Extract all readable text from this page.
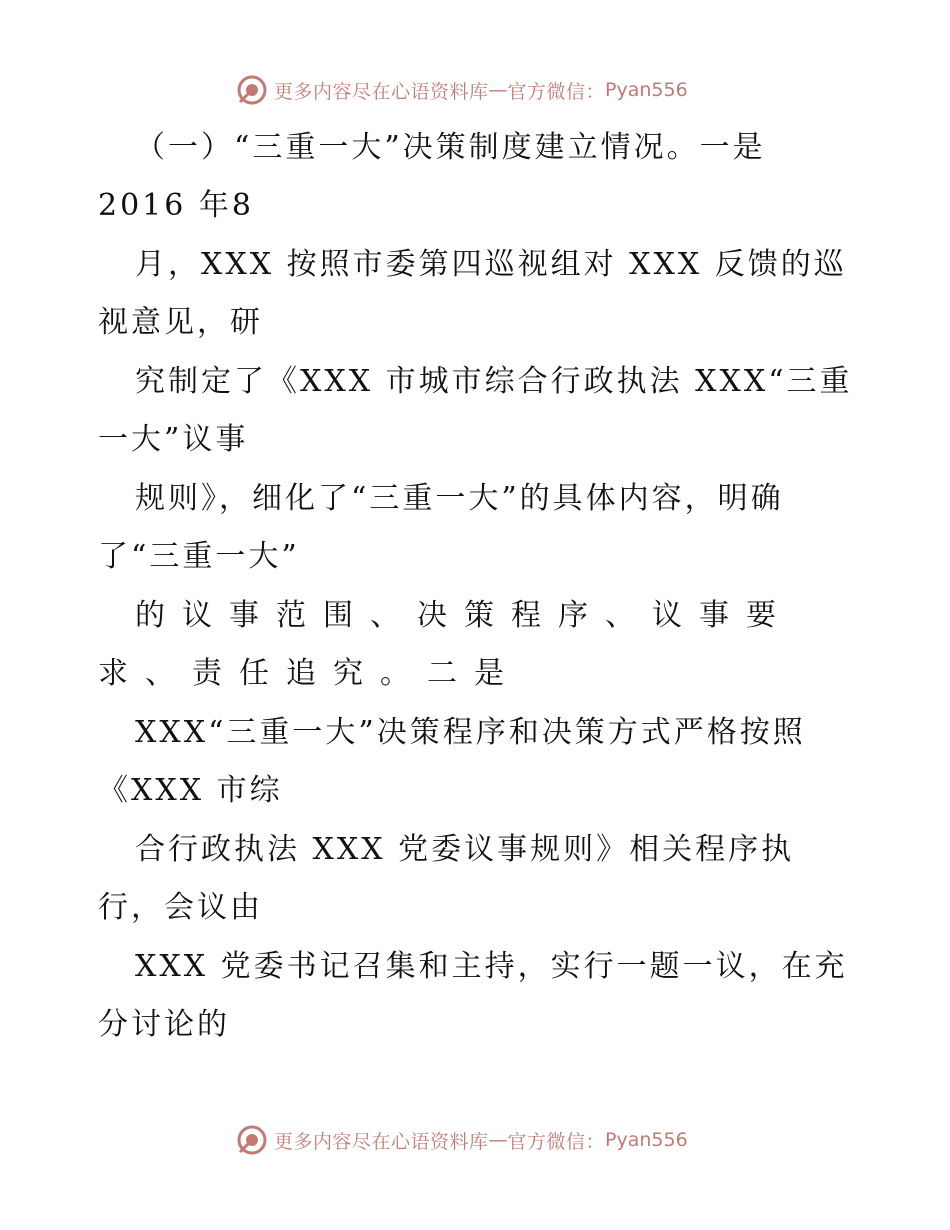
更多内容尽在心语资料库 — 官方微信： Pyan556
（一）“三重一大”决策制度建立情况。一是
2016 年8
月，XXX 按照市委第四巡视组对 XXX 反馈的巡
视意见，研
究制定了《XXX 市城市综合行政执法 XXX“三重
一大”议事
规则》，细化了“三重一大”的具体内容，明确
了“三重一大”
的议事范围、决策程序、议事要
求、责任追究。二是
XXX“三重一大”决策程序和决策方式严格按照
《XXX 市综
合行政执法 XXX 党委议事规则》相关程序执
行，会议由
XXX 党委书记召集和主持，实行一题一议，在充
分讨论的
更多内容尽在心语资料库 — 官方微信： Pyan556
